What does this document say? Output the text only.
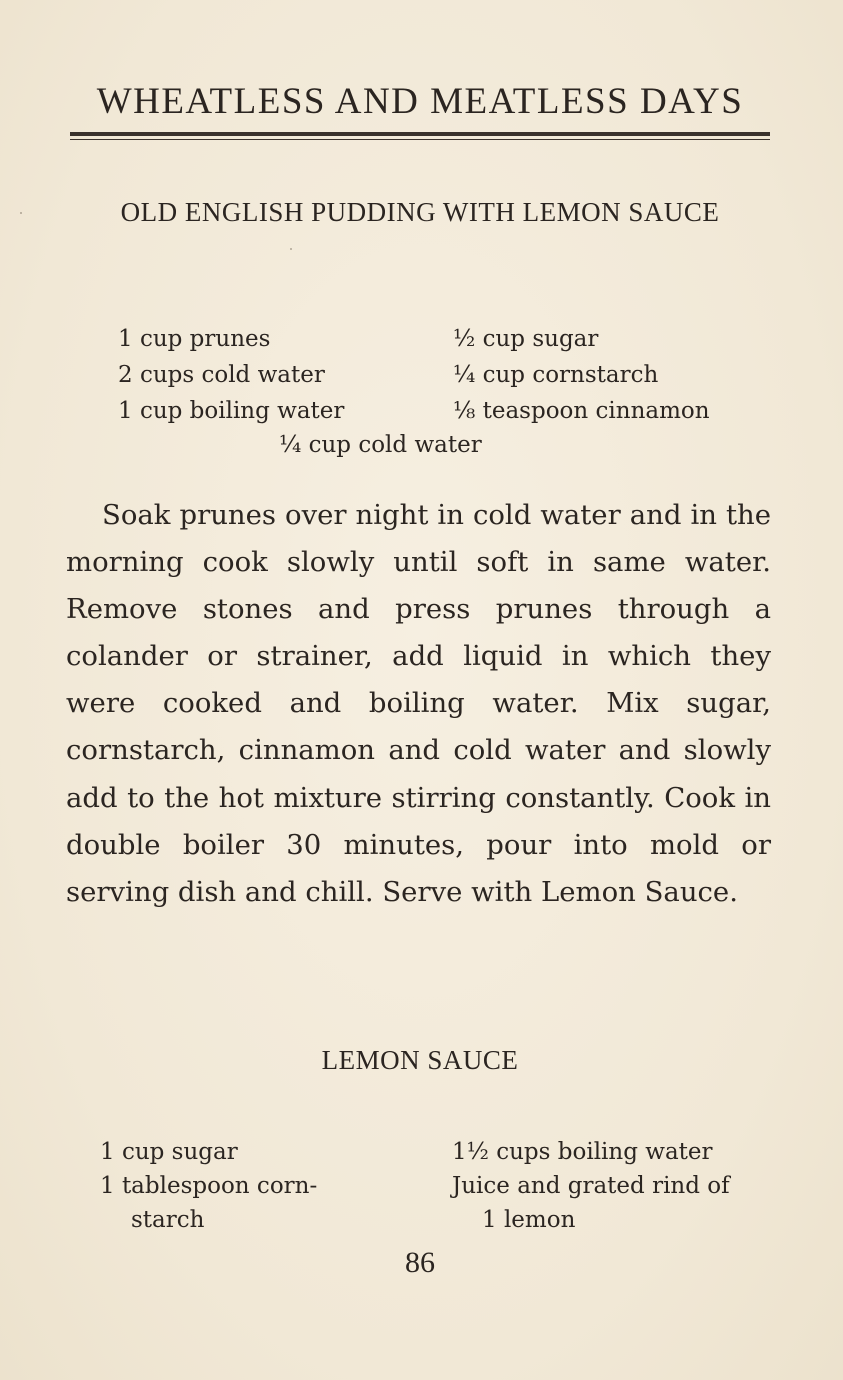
WHEATLESS AND MEATLESS DAYS
OLD ENGLISH PUDDING WITH LEMON SAUCE
1 cup prunes
2 cups cold water
1 cup boiling water
½ cup sugar
¼ cup cornstarch
⅛ teaspoon cinnamon
¼ cup cold water

Soak prunes over night in cold water and in the morning cook slowly until soft in same water. Remove stones and press prunes through a colander or strainer, add liquid in which they were cooked and boiling water. Mix sugar, cornstarch, cinnamon and cold water and slowly add to the hot mixture stirring constantly. Cook in double boiler 30 minutes, pour into mold or serving dish and chill. Serve with Lemon Sauce.

LEMON SAUCE
1 cup sugar
1 tablespoon corn-
starch
1½ cups boiling water
Juice and grated rind of
1 lemon
86
